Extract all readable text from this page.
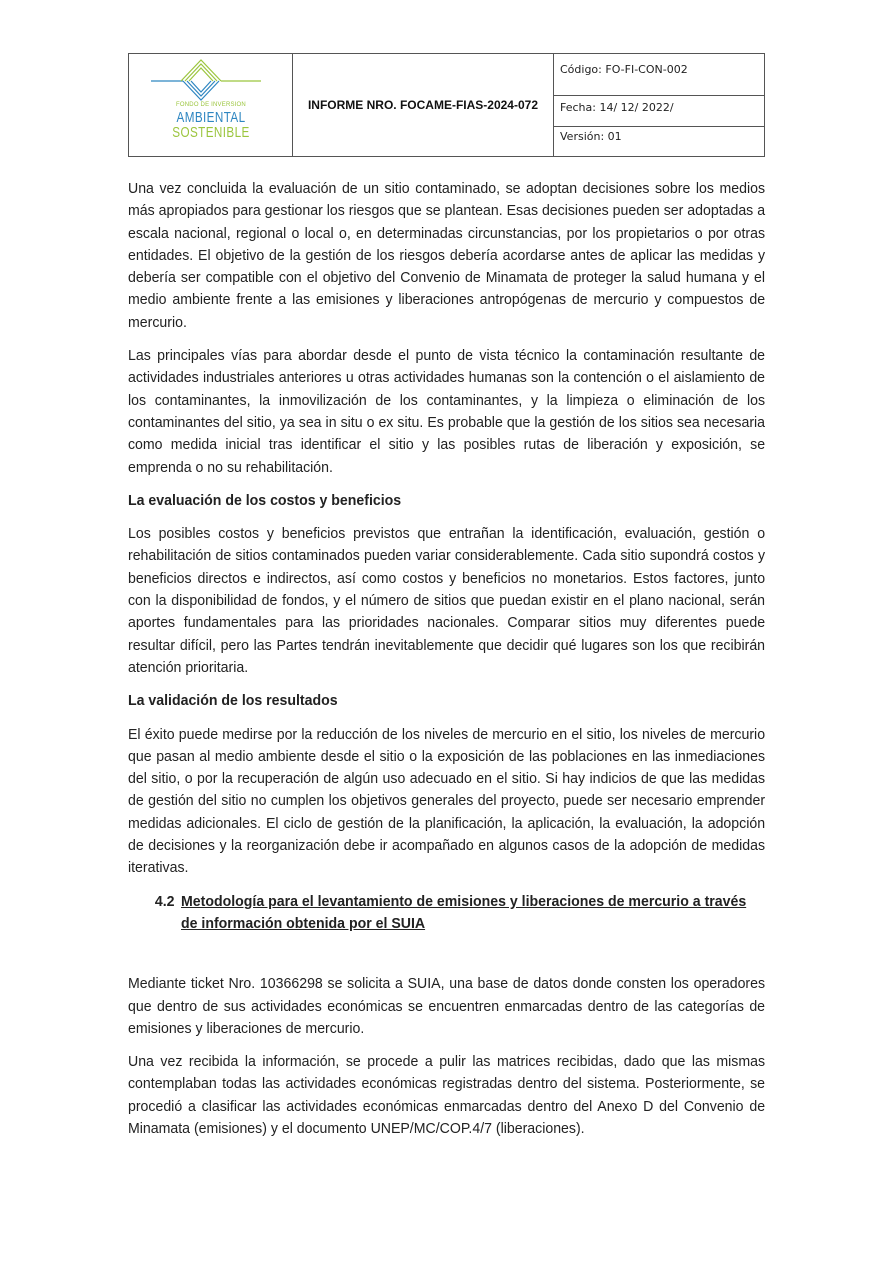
FONDO DE INVERSION
AMBIENTAL
SOSTENIBLE
INFORME NRO. FOCAME-FIAS-2024-072
Código: FO-FI-CON-002
Fecha: 14/ 12/ 2022/
Versión: 01

Una vez concluida la evaluación de un sitio contaminado, se adoptan decisiones sobre los medios más apropiados para gestionar los riesgos que se plantean. Esas decisiones pueden ser adoptadas a escala nacional, regional o local o, en determinadas circunstancias, por los propietarios o por otras entidades. El objetivo de la gestión de los riesgos debería acordarse antes de aplicar las medidas y debería ser compatible con el objetivo del Convenio de Minamata de proteger la salud humana y el medio ambiente frente a las emisiones y liberaciones antropógenas de mercurio y compuestos de mercurio.

Las principales vías para abordar desde el punto de vista técnico la contaminación resultante de actividades industriales anteriores u otras actividades humanas son la contención o el aislamiento de los contaminantes, la inmovilización de los contaminantes, y la limpieza o eliminación de los contaminantes del sitio, ya sea in situ o ex situ. Es probable que la gestión de los sitios sea necesaria como medida inicial tras identificar el sitio y las posibles rutas de liberación y exposición, se emprenda o no su rehabilitación.

La evaluación de los costos y beneficios

Los posibles costos y beneficios previstos que entrañan la identificación, evaluación, gestión o rehabilitación de sitios contaminados pueden variar considerablemente. Cada sitio supondrá costos y beneficios directos e indirectos, así como costos y beneficios no monetarios. Estos factores, junto con la disponibilidad de fondos, y el número de sitios que puedan existir en el plano nacional, serán aportes fundamentales para las prioridades nacionales. Comparar sitios muy diferentes puede resultar difícil, pero las Partes tendrán inevitablemente que decidir qué lugares son los que recibirán atención prioritaria.

La validación de los resultados

El éxito puede medirse por la reducción de los niveles de mercurio en el sitio, los niveles de mercurio que pasan al medio ambiente desde el sitio o la exposición de las poblaciones en las inmediaciones del sitio, o por la recuperación de algún uso adecuado en el sitio. Si hay indicios de que las medidas de gestión del sitio no cumplen los objetivos generales del proyecto, puede ser necesario emprender medidas adicionales. El ciclo de gestión de la planificación, la aplicación, la evaluación, la adopción de decisiones y la reorganización debe ir acompañado en algunos casos de la adopción de medidas iterativas.

4.2 Metodología para el levantamiento de emisiones y liberaciones de mercurio a través de información obtenida por el SUIA

Mediante ticket Nro. 10366298 se solicita a SUIA, una base de datos donde consten los operadores que dentro de sus actividades económicas se encuentren enmarcadas dentro de las categorías de emisiones y liberaciones de mercurio.

Una vez recibida la información, se procede a pulir las matrices recibidas, dado que las mismas contemplaban todas las actividades económicas registradas dentro del sistema. Posteriormente, se procedió a clasificar las actividades económicas enmarcadas dentro del Anexo D del Convenio de Minamata (emisiones) y el documento UNEP/MC/COP.4/7 (liberaciones).
